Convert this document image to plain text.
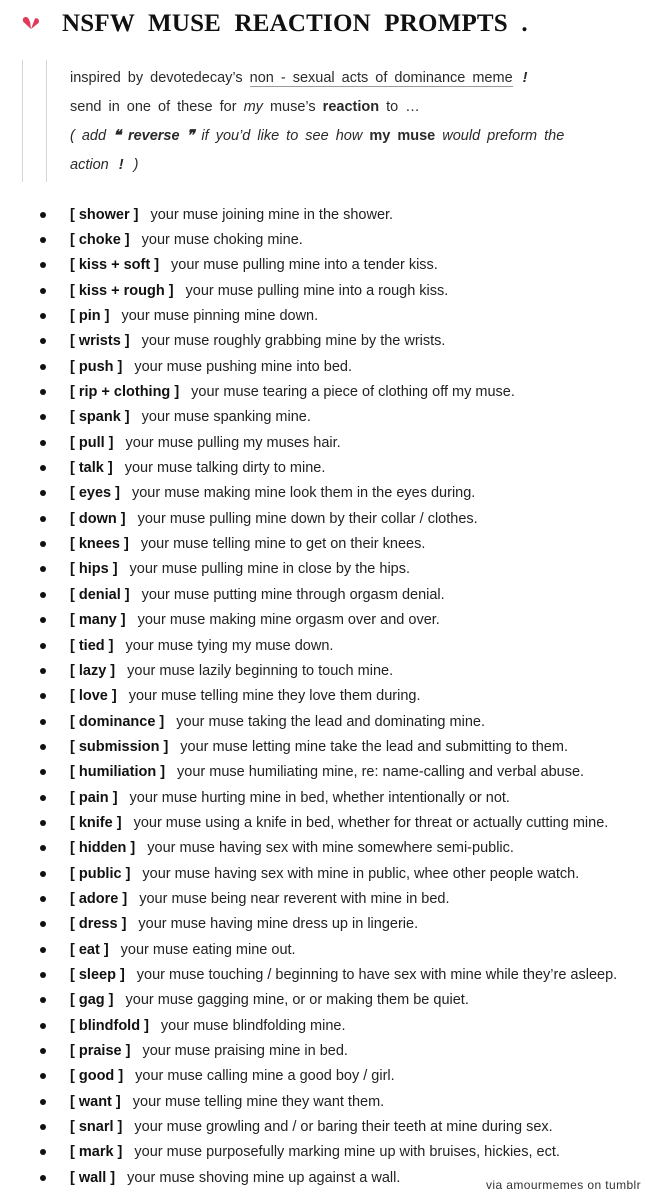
NSFW MUSE REACTION PROMPTS .
inspired by devotedecay’s non - sexual acts of dominance meme !
send in one of these for my muse’s reaction to …
( add ❝ reverse ❞ if you’d like to see how my muse would preform the
action ! )
[ shower ] your muse joining mine in the shower.
[ choke ] your muse choking mine.
[ kiss + soft ] your muse pulling mine into a tender kiss.
[ kiss + rough ] your muse pulling mine into a rough kiss.
[ pin ] your muse pinning mine down.
[ wrists ] your muse roughly grabbing mine by the wrists.
[ push ] your muse pushing mine into bed.
[ rip + clothing ] your muse tearing a piece of clothing off my muse.
[ spank ] your muse spanking mine.
[ pull ] your muse pulling my muses hair.
[ talk ] your muse talking dirty to mine.
[ eyes ] your muse making mine look them in the eyes during.
[ down ] your muse pulling mine down by their collar / clothes.
[ knees ] your muse telling mine to get on their knees.
[ hips ] your muse pulling mine in close by the hips.
[ denial ] your muse putting mine through orgasm denial.
[ many ] your muse making mine orgasm over and over.
[ tied ] your muse tying my muse down.
[ lazy ] your muse lazily beginning to touch mine.
[ love ] your muse telling mine they love them during.
[ dominance ] your muse taking the lead and dominating mine.
[ submission ] your muse letting mine take the lead and submitting to them.
[ humiliation ] your muse humiliating mine, re: name-calling and verbal abuse.
[ pain ] your muse hurting mine in bed, whether intentionally or not.
[ knife ] your muse using a knife in bed, whether for threat or actually cutting mine.
[ hidden ] your muse having sex with mine somewhere semi-public.
[ public ] your muse having sex with mine in public, whee other people watch.
[ adore ] your muse being near reverent with mine in bed.
[ dress ] your muse having mine dress up in lingerie.
[ eat ] your muse eating mine out.
[ sleep ] your muse touching / beginning to have sex with mine while they’re asleep.
[ gag ] your muse gagging mine, or or making them be quiet.
[ blindfold ] your muse blindfolding mine.
[ praise ] your muse praising mine in bed.
[ good ] your muse calling mine a good boy / girl.
[ want ] your muse telling mine they want them.
[ snarl ] your muse growling and / or baring their teeth at mine during sex.
[ mark ] your muse purposefully marking mine up with bruises, hickies, ect.
[ wall ] your muse shoving mine up against a wall.	via amourmemes on tumblr
